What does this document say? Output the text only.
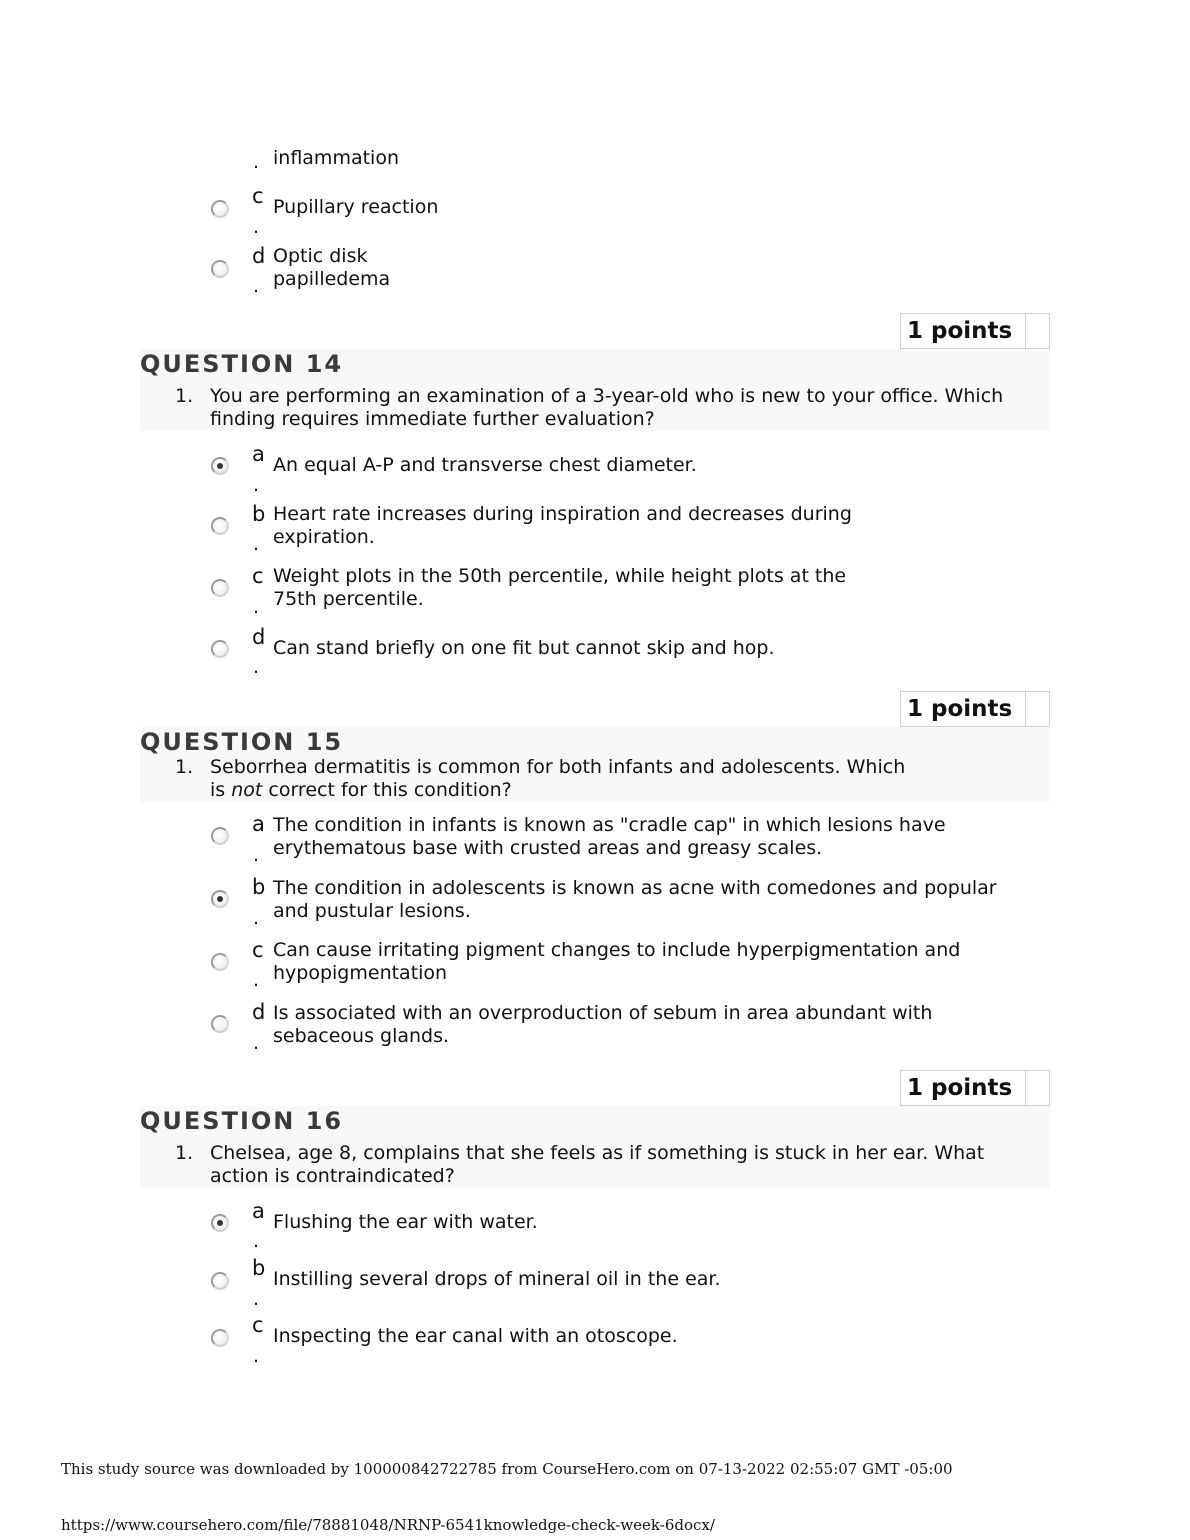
. inflammation
c
.
Pupillary reaction
d
.
Optic disk
papilledema
1 points
QUESTION 14
1. You are performing an examination of a 3-year-old who is new to your office. Which
finding requires immediate further evaluation?
a
.
An equal A-P and transverse chest diameter.
b
.
Heart rate increases during inspiration and decreases during
expiration.
c
.
Weight plots in the 50th percentile, while height plots at the
75th percentile.
d
.
Can stand briefly on one fit but cannot skip and hop.
1 points
QUESTION 15
1. Seborrhea dermatitis is common for both infants and adolescents. Which
is not correct for this condition?
a
.
The condition in infants is known as "cradle cap" in which lesions have
erythematous base with crusted areas and greasy scales.
b
.
The condition in adolescents is known as acne with comedones and popular
and pustular lesions.
c
.
Can cause irritating pigment changes to include hyperpigmentation and
hypopigmentation
d
.
Is associated with an overproduction of sebum in area abundant with
sebaceous glands.
1 points
QUESTION 16
1. Chelsea, age 8, complains that she feels as if something is stuck in her ear. What
action is contraindicated?
a
.
Flushing the ear with water.
b
.
Instilling several drops of mineral oil in the ear.
c
.
Inspecting the ear canal with an otoscope.
This study source was downloaded by 100000842722785 from CourseHero.com on 07-13-2022 02:55:07 GMT -05:00
https://www.coursehero.com/file/78881048/NRNP-6541knowledge-check-week-6docx/
